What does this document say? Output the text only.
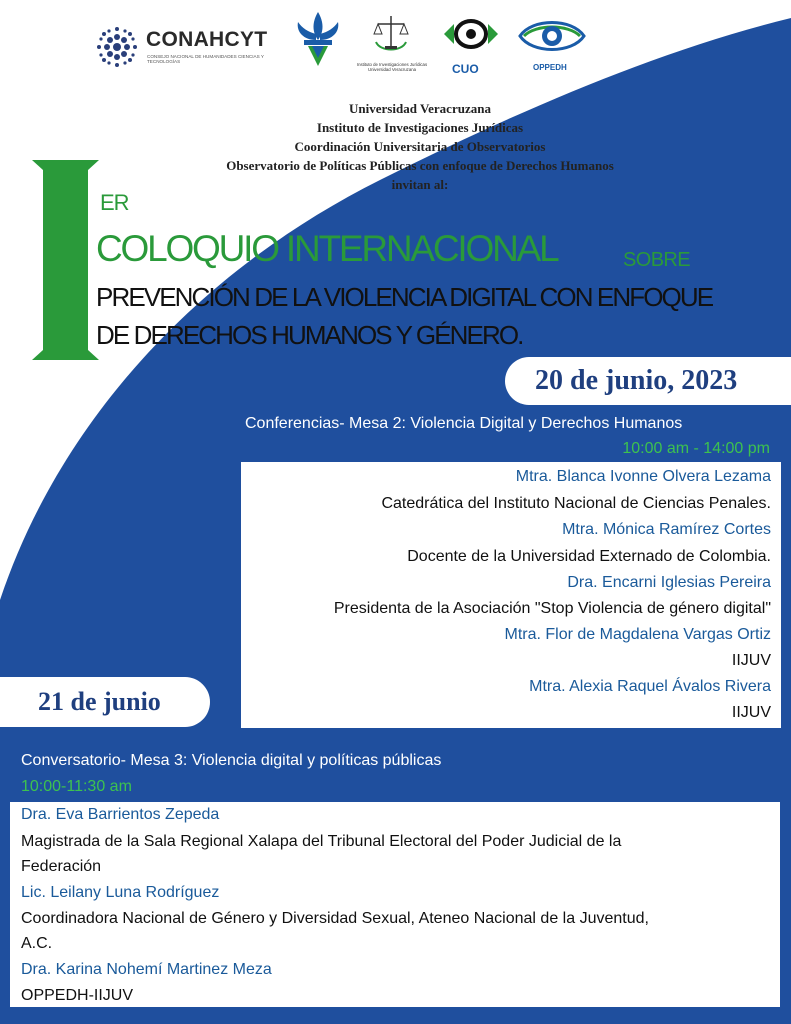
CONAHCYT
CONSEJO NACIONAL DE HUMANIDADES CIENCIAS Y TECNOLOGÍAS
Instituto de Investigaciones Jurídicas Universidad Veracruzana	CUO	OPPEDH
Universidad Veracruzana
Instituto de Investigaciones Jurídicas
Coordinación Universitaria de Observatorios
Observatorio de Políticas Públicas con enfoque de Derechos Humanos
invitan al:
ER
COLOQUIO INTERNACIONAL	SOBRE
PREVENCIÓN DE LA VIOLENCIA DIGITAL CON ENFOQUE
DE DERECHOS HUMANOS Y GÉNERO.
20 de junio, 2023
Conferencias- Mesa 2: Violencia Digital y Derechos Humanos
10:00 am - 14:00 pm
Mtra. Blanca Ivonne Olvera Lezama
Catedrática del Instituto Nacional de Ciencias Penales.
Mtra. Mónica Ramírez Cortes
Docente de la Universidad Externado de Colombia.
Dra. Encarni Iglesias Pereira
Presidenta de la Asociación "Stop Violencia de género digital"
Mtra. Flor de Magdalena Vargas Ortiz
IIJUV
Mtra. Alexia Raquel Ávalos Rivera
IIJUV
21 de junio
Conversatorio- Mesa 3: Violencia digital y políticas públicas
10:00-11:30 am
Dra. Eva Barrientos Zepeda
Magistrada de la Sala Regional Xalapa del Tribunal Electoral del Poder Judicial de la
Federación
Lic. Leilany Luna Rodríguez
Coordinadora Nacional de Género y Diversidad Sexual, Ateneo Nacional de la Juventud,
A.C.
Dra. Karina Nohemí Martinez Meza
OPPEDH-IIJUV
